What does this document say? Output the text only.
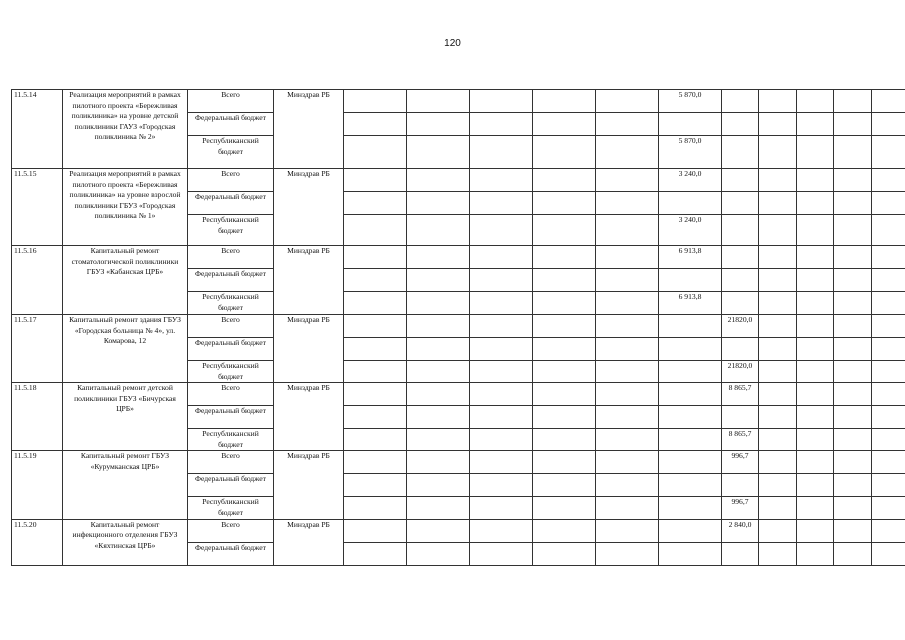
120
11.5.14	Реализация мероприятий в рамках пилотного проекта «Бережливая поликлиника» на уровне детской поликлиники ГАУЗ «Городская поликлиника № 2»	Всего	Минздрав РБ						5 870,0							
		Федеральный бюджет														
		Республиканский бюджет							5 870,0							
11.5.15	Реализация мероприятий в рамках пилотного проекта «Бережливая поликлиника» на уровне взрослой поликлиники ГБУЗ «Городская поликлиника № 1»	Всего	Минздрав РБ						3 240,0							
		Федеральный бюджет														
		Республиканский бюджет							3 240,0							
11.5.16	Капитальный ремонт стоматологической поликлиники ГБУЗ «Кабанская ЦРБ»	Всего	Минздрав РБ						6 913,8							
		Федеральный бюджет														
		Республиканский бюджет							6 913,8							
11.5.17	Капитальный ремонт здания ГБУЗ «Городская больница № 4», ул. Комарова, 12	Всего	Минздрав РБ							21820,0						
		Федеральный бюджет														
		Республиканский бюджет								21820,0						
11.5.18	Капитальный ремонт детской поликлиники ГБУЗ «Бичурская ЦРБ»	Всего	Минздрав РБ							8 865,7						
		Федеральный бюджет														
		Республиканский бюджет								8 865,7						
11.5.19	Капитальный ремонт ГБУЗ «Курумканская ЦРБ»	Всего	Минздрав РБ							996,7						
		Федеральный бюджет														
		Республиканский бюджет								996,7						
11.5.20	Капитальный ремонт инфекционного отделения ГБУЗ «Кяхтинская ЦРБ»	Всего	Минздрав РБ							2 840,0						
		Федеральный бюджет														
